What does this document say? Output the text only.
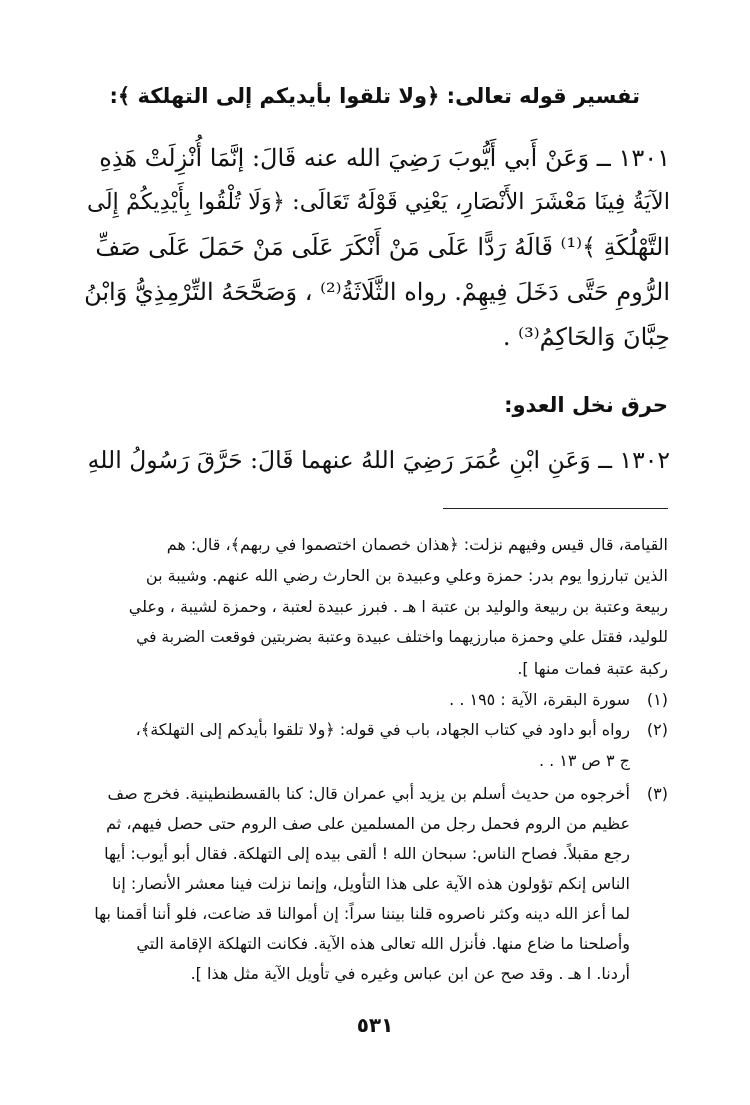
تفسير قوله تعالى: ﴿ولا تلقوا بأيديكم إلى التهلكة ﴾:
١٣٠١ ــ وَعَنْ أَبي أَيُّوبَ رَضِيَ الله عنه قَالَ: إنَّمَا أُنْزِلَتْ هَذِهِ
الآيَةُ فِينَا مَعْشَرَ الأَنْصَارِ، يَعْنِي قَوْلَهُ تَعَالَى: ﴿وَلَا تُلْقُوا بِأَيْدِيكُمْ إِلَى
التَّهْلُكَةِ ﴾⁽¹⁾ قَالَهُ رَدًّا عَلَى مَنْ أَنْكَرَ عَلَى مَنْ حَمَلَ عَلَى صَفِّ
الرُّومِ حَتَّى دَخَلَ فِيهِمْ. رواه الثَّلَاثَةُ⁽²⁾ ، وَصَحَّحَهُ التِّرْمِذِيُّ وَابْنُ
حِبَّانَ وَالحَاكِمُ⁽³⁾ .
حرق نخل العدو:
١٣٠٢ ــ وَعَنِ ابْنِ عُمَرَ رَضِيَ اللهُ عنهما قَالَ: حَرَّقَ رَسُولُ اللهِ
القيامة، قال قيس وفيهم نزلت: ﴿هذان خصمان اختصموا في ربهم﴾، قال: هم
الذين تبارزوا يوم بدر: حمزة وعلي وعبيدة بن الحارث رضي الله عنهم. وشيبة بن
ربيعة وعتبة بن ربيعة والوليد بن عتبة ا هـ . فبرز عبيدة لعتبة ، وحمزة لشيبة ، وعلي
للوليد، فقتل علي وحمزة مبارزيهما واختلف عبيدة وعتبة بضربتين فوقعت الضربة في
ركبة عتبة فمات منها ].
(١)
سورة البقرة، الآية : ١٩٥ . .
(٢)
رواه أبو داود في كتاب الجهاد، باب في قوله: ﴿ولا تلقوا بأيدكم إلى التهلكة﴾،
ج ٣ ص ١٣ . .
(٣)
أخرجوه من حديث أسلم بن يزيد أبي عمران قال: كنا بالقسطنطينية. فخرج صف
عظيم من الروم فحمل رجل من المسلمين على صف الروم حتى حصل فيهم، ثم
رجع مقبلاً. فصاح الناس: سبحان الله ! ألقى بيده إلى التهلكة. فقال أبو أيوب: أيها
الناس إنكم تؤولون هذه الآية على هذا التأويل، وإنما نزلت فينا معشر الأنصار: إنا
لما أعز الله دينه وكثر ناصروه قلنا بيننا سراً: إن أموالنا قد ضاعت، فلو أننا أقمنا بها
وأصلحنا ما ضاع منها. فأنزل الله تعالى هذه الآية. فكانت التهلكة الإقامة التي
أردنا. ا هـ . وقد صح عن ابن عباس وغيره في تأويل الآية مثل هذا ].
٥٣١
